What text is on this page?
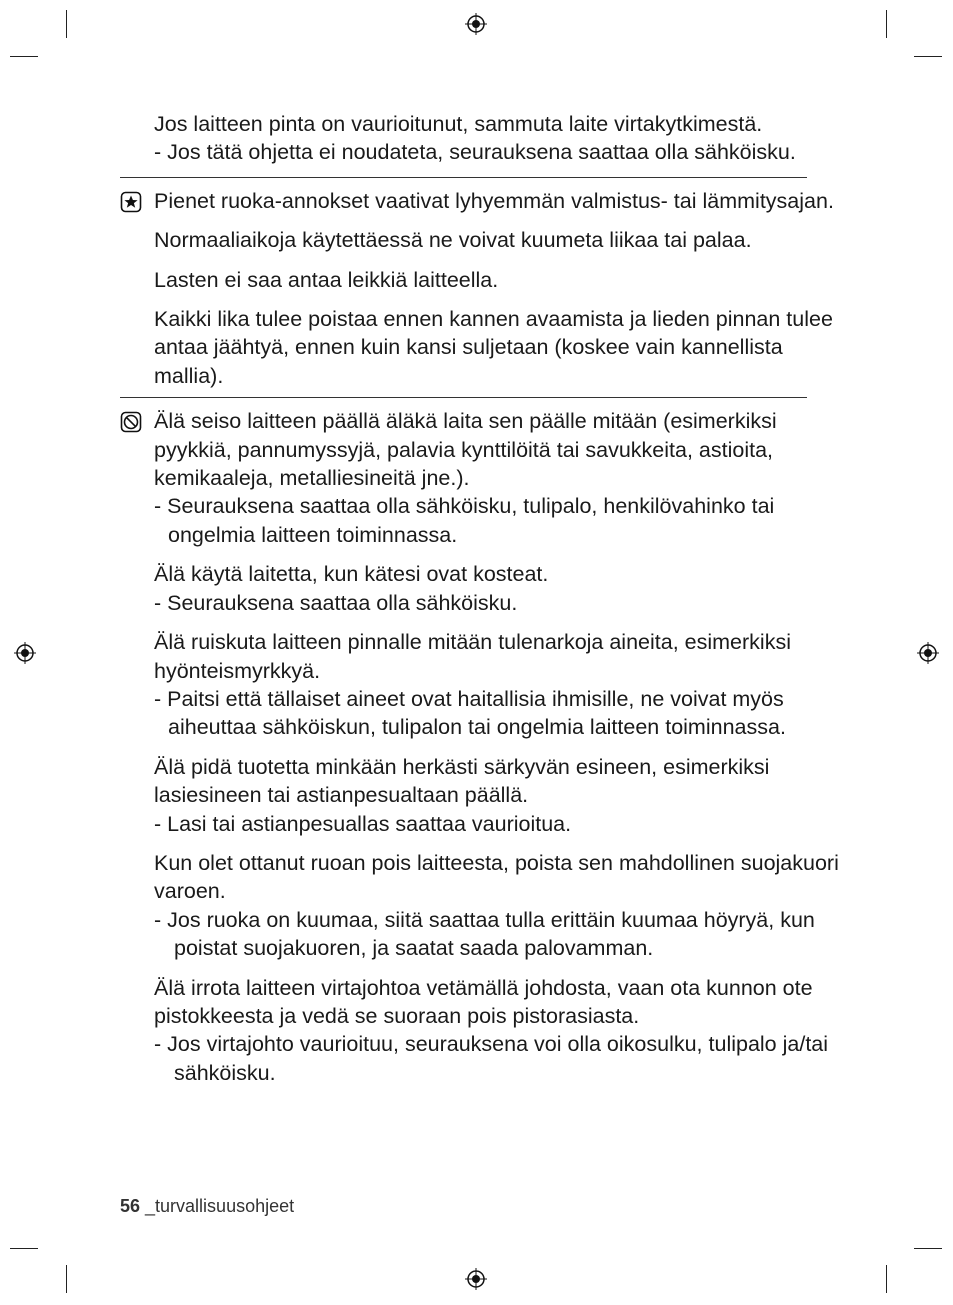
Jos laitteen pinta on vaurioitunut, sammuta laite virtakytkimestä.

- Jos tätä ohjetta ei noudateta, seurauksena saattaa olla sähköisku.

Pienet ruoka-annokset vaativat lyhyemmän valmistus- tai lämmitysajan.

Normaaliaikoja käytettäessä ne voivat kuumeta liikaa tai palaa.

Lasten ei saa antaa leikkiä laitteella.

Kaikki lika tulee poistaa ennen kannen avaamista ja lieden pinnan tulee antaa jäähtyä, ennen kuin kansi suljetaan (koskee vain kannellista mallia).

Älä seiso laitteen päällä äläkä laita sen päälle mitään (esimerkiksi pyykkiä, pannumyssyjä, palavia kynttilöitä tai savukkeita, astioita, kemikaaleja, metalliesineitä jne.).

- Seurauksena saattaa olla sähköisku, tulipalo, henkilövahinko tai ongelmia laitteen toiminnassa.

Älä käytä laitetta, kun kätesi ovat kosteat.

- Seurauksena saattaa olla sähköisku.

Älä ruiskuta laitteen pinnalle mitään tulenarkoja aineita, esimerkiksi hyönteismyrkkyä.

- Paitsi että tällaiset aineet ovat haitallisia ihmisille, ne voivat myös aiheuttaa sähköiskun, tulipalon tai ongelmia laitteen toiminnassa.

Älä pidä tuotetta minkään herkästi särkyvän esineen, esimerkiksi lasiesineen tai astianpesualtaan päällä.

- Lasi tai astianpesuallas saattaa vaurioitua.

Kun olet ottanut ruoan pois laitteesta, poista sen mahdollinen suojakuori varoen.

- Jos ruoka on kuumaa, siitä saattaa tulla erittäin kuumaa höyryä, kun poistat suojakuoren, ja saatat saada palovamman.

Älä irrota laitteen virtajohtoa vetämällä johdosta, vaan ota kunnon ote pistokkeesta ja vedä se suoraan pois pistorasiasta.

- Jos virtajohto vaurioituu, seurauksena voi olla oikosulku, tulipalo ja/tai sähköisku.

56 _turvallisuusohjeet
